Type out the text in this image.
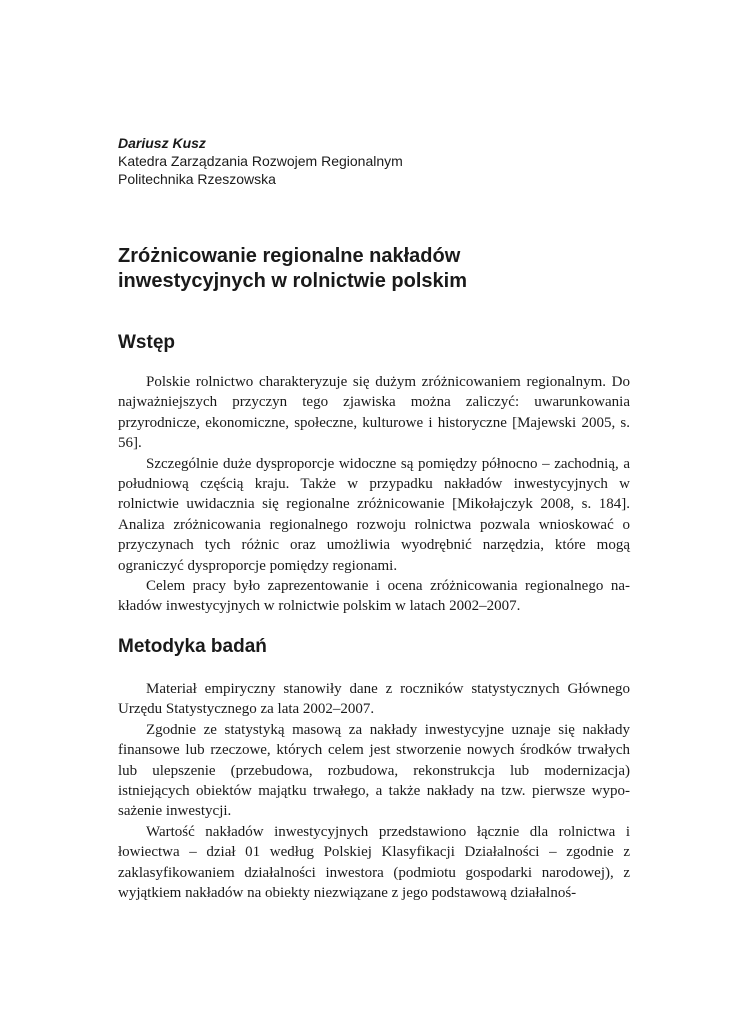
Dariusz Kusz
Katedra Zarządzania Rozwojem Regionalnym
Politechnika Rzeszowska
Zróżnicowanie regionalne nakładów
inwestycyjnych w rolnictwie polskim
Wstęp

Polskie rolnictwo charakteryzuje się dużym zróżnicowaniem regionalnym. Do najważniejszych przyczyn tego zjawiska można zaliczyć: uwarunkowania przyrodnicze, ekonomiczne, społeczne, kulturowe i historyczne [Majewski 2005, s. 56].

Szczególnie duże dysproporcje widoczne są pomiędzy północno – zachodnią, a południową częścią kraju. Także w przypadku nakładów inwestycyjnych w rolnictwie uwidacznia się regionalne zróżnicowanie [Mikołajczyk 2008, s. 184]. Analiza zróżnicowania regionalnego rozwoju rolnictwa pozwala wnioskować o przyczynach tych różnic oraz umożliwia wyodrębnić narzędzia, które mogą ograniczyć dysproporcje pomiędzy regionami.

Celem pracy było zaprezentowanie i ocena zróżnicowania regionalnego nakładów inwestycyjnych w rolnictwie polskim w latach 2002–2007.

Metodyka badań

Materiał empiryczny stanowiły dane z roczników statystycznych Głównego Urzędu Statystycznego za lata 2002–2007.

Zgodnie ze statystyką masową za nakłady inwestycyjne uznaje się nakłady finansowe lub rzeczowe, których celem jest stworzenie nowych środków trwałych lub ulepszenie (przebudowa, rozbudowa, rekonstrukcja lub modernizacja) istniejących obiektów majątku trwałego, a także nakłady na tzw. pierwsze wyposażenie inwestycji.

Wartość nakładów inwestycyjnych przedstawiono łącznie dla rolnictwa i łowiectwa – dział 01 według Polskiej Klasyfikacji Działalności – zgodnie z zaklasyfikowaniem działalności inwestora (podmiotu gospodarki narodowej), z wyjątkiem nakładów na obiekty niezwiązane z jego podstawową działalnoś-
